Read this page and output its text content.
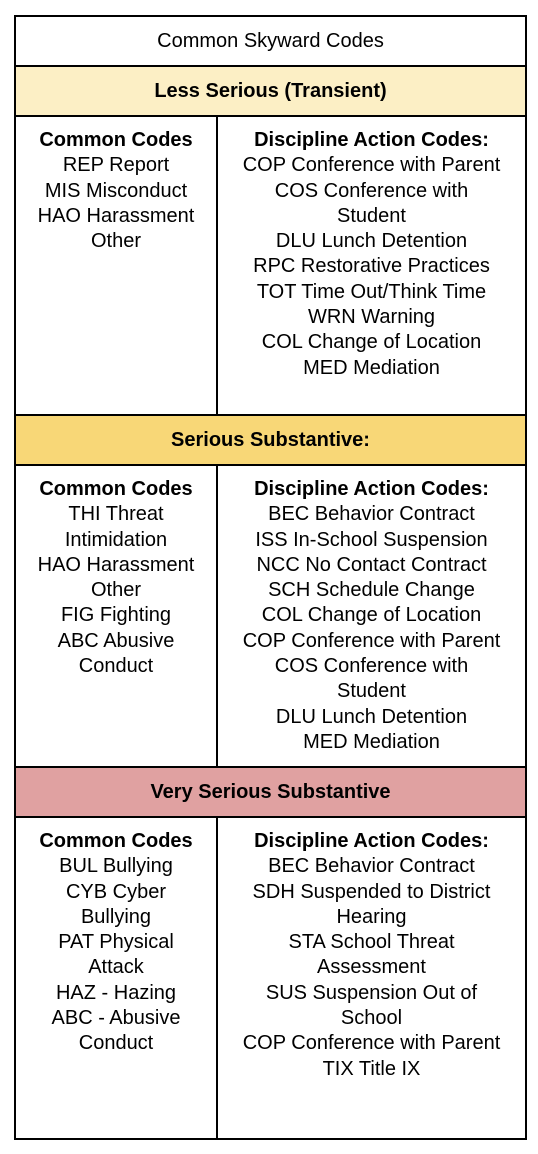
Common Skyward Codes
Less Serious (Transient)
Common Codes
REP Report
MIS Misconduct
HAO Harassment
Other
Discipline Action Codes:
COP Conference with Parent
COS Conference with
Student
DLU Lunch Detention
RPC Restorative Practices
TOT Time Out/Think Time
WRN Warning
COL Change of Location
MED Mediation
Serious Substantive:
Common Codes
THI Threat
Intimidation
HAO Harassment
Other
FIG Fighting
ABC Abusive
Conduct
Discipline Action Codes:
BEC Behavior Contract
ISS In-School Suspension
NCC No Contact Contract
SCH Schedule Change
COL Change of Location
COP Conference with Parent
COS Conference with
Student
DLU Lunch Detention
MED Mediation
Very Serious Substantive
Common Codes
BUL Bullying
CYB Cyber
Bullying
PAT Physical
Attack
HAZ - Hazing
ABC - Abusive
Conduct
Discipline Action Codes:
BEC Behavior Contract
SDH Suspended to District
Hearing
STA School Threat
Assessment
SUS Suspension Out of
School
COP Conference with Parent
TIX Title IX
